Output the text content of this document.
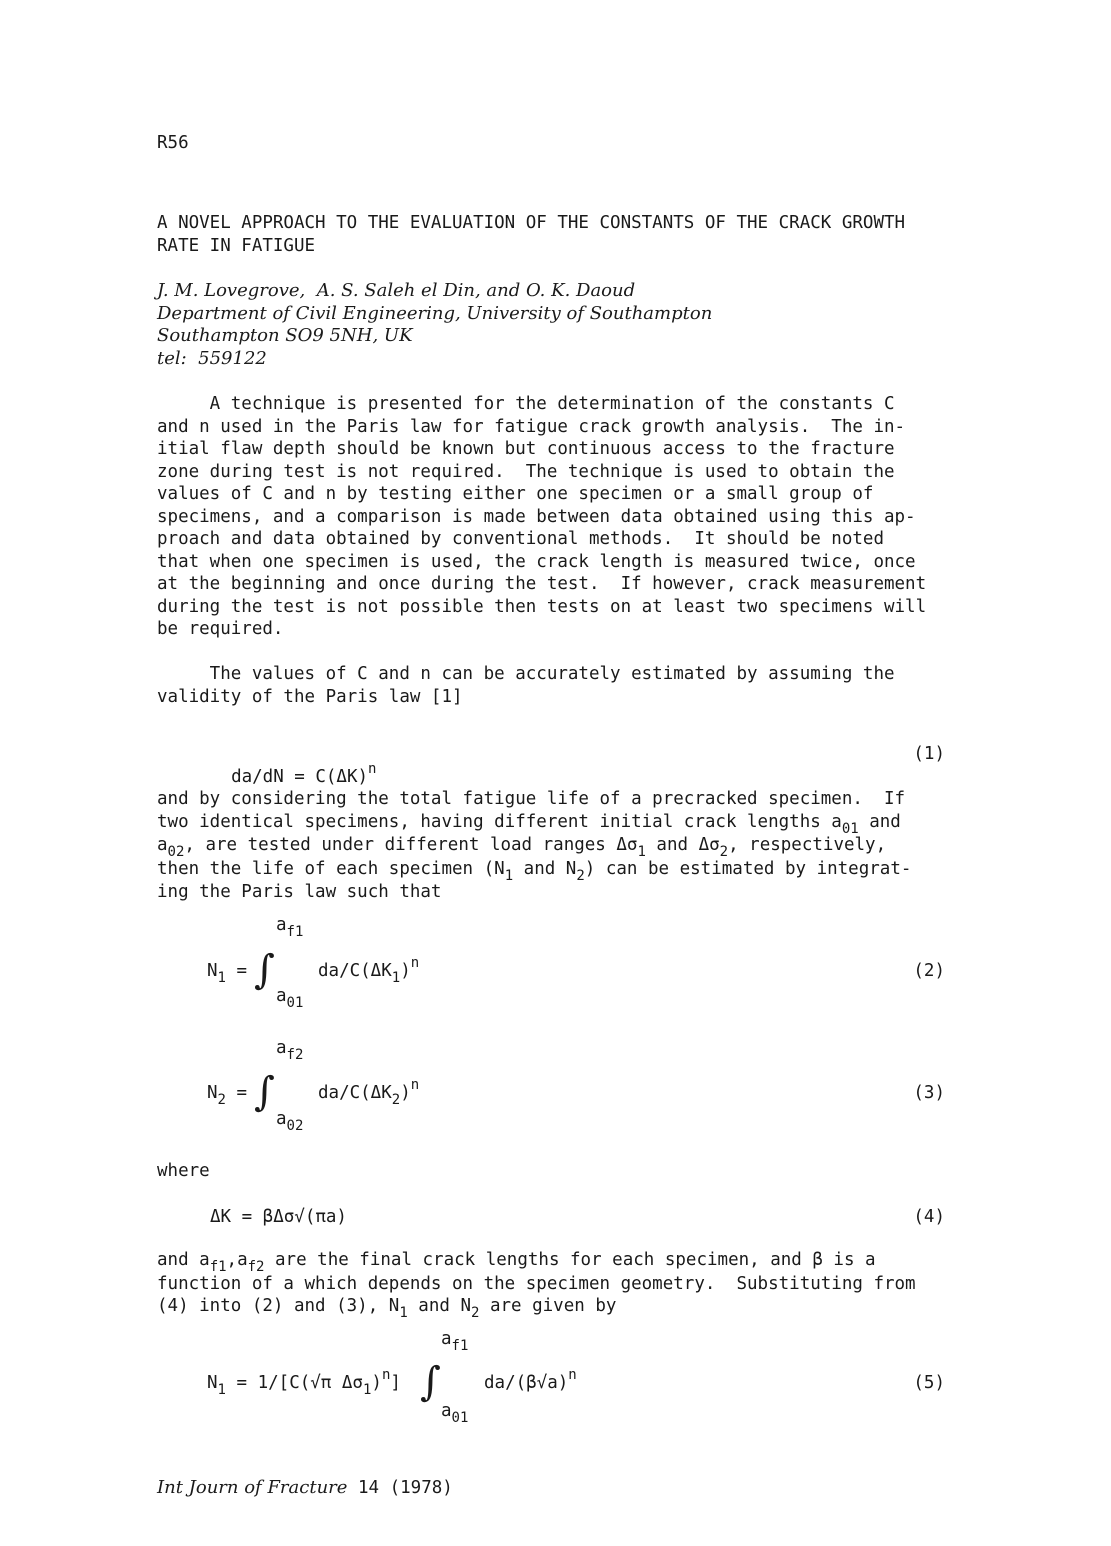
R56
A NOVEL APPROACH TO THE EVALUATION OF THE CONSTANTS OF THE CRACK GROWTH
RATE IN FATIGUE
J. M. Lovegrove,  A. S. Saleh el Din, and O. K. Daoud
Department of Civil Engineering, University of Southampton
Southampton SO9 5NH, UK
tel:  559122
A technique is presented for the determination of the constants C
and n used in the Paris law for fatigue crack growth analysis.  The in-
itial flaw depth should be known but continuous access to the fracture
zone during test is not required.  The technique is used to obtain the
values of C and n by testing either one specimen or a small group of
specimens, and a comparison is made between data obtained using this ap-
proach and data obtained by conventional methods.  It should be noted
that when one specimen is used, the crack length is measured twice, once
at the beginning and once during the test.  If however, crack measurement
during the test is not possible then tests on at least two specimens will
be required.
The values of C and n can be accurately estimated by assuming the
validity of the Paris law [1]

$da/dN = C(\Delta K)^n$

(1)
and by considering the total fatigue life of a precracked specimen.  If
two identical specimens, having different initial crack lengths $a_{01}$ and
$a_{02}$, are tested under different load ranges $\Delta\sigma_1$ and $\Delta\sigma_2$, respectively,
then the life of each specimen ($N_1$ and $N_2$) can be estimated by integrat-
ing the Paris law such that
$a_{f1}$
$N_1$ = ∫ $da/C(\Delta K_1)^n$
$a_{01}$
(2)
$a_{f2}$
$N_2$ = ∫ $da/C(\Delta K_2)^n$
$a_{02}$
(3)
where
ΔK = βΔσ√(πa)	(4)
and $a_{f1},a_{f2}$ are the final crack lengths for each specimen, and β is a
function of a which depends on the specimen geometry.  Substituting from
(4) into (2) and (3), $N_1$ and $N_2$ are given by
$a_{f1}$
$N_1 = 1/[C(√\pi$ $\Delta\sigma_1)^n$] ∫ $da/(\beta√a)^n$
$a_{01}$
(5)
Int Journ of Fracture 14 (1978)
